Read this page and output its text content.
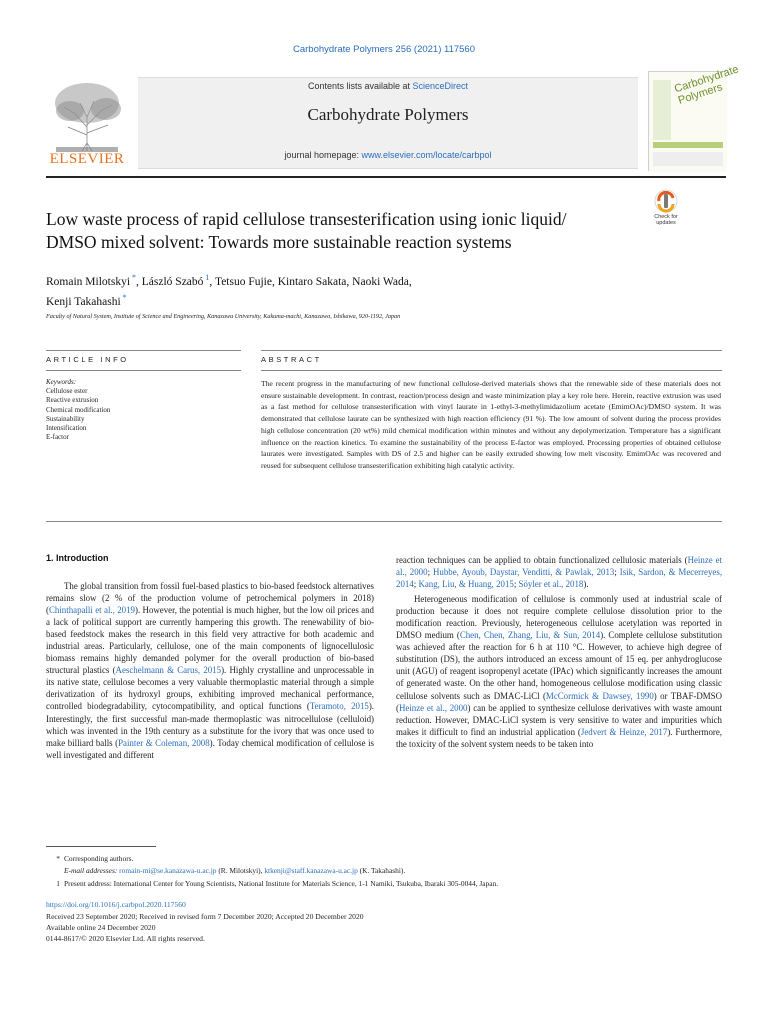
Carbohydrate Polymers 256 (2021) 117560
ELSEVIER
Contents lists available at ScienceDirect
Carbohydrate Polymers
journal homepage: www.elsevier.com/locate/carbpol
Carbohydrate Polymers
Low waste process of rapid cellulose transesterification using ionic liquid/
DMSO mixed solvent: Towards more sustainable reaction systems
Check for updates
Romain Milotskyi *, László Szabó $^1$, Tetsuo Fujie, Kintaro Sakata, Naoki Wada,
Kenji Takahashi *
Faculty of Natural System, Institute of Science and Engineering, Kanazawa University, Kakuma-machi, Kanazawa, Ishikawa, 920-1192, Japan
ARTICLE INFO	ABSTRACT
Keywords:
Cellulose ester
Reactive extrusion
Chemical modification
Sustainability
Intensification
E-factor
The recent progress in the manufacturing of new functional cellulose-derived materials shows that the renewable side of these materials does not ensure sustainable development. In contrast, reaction/process design and waste minimization play a key role here. Herein, reactive extrusion was used as a fast method for cellulose transesterification with vinyl laurate in 1-ethyl-3-methylimidazolium acetate (EmimOAc)/DMSO system. It was demonstrated that cellulose laurate can be synthesized with high reaction efficiency (91 %). The low amount of solvent during the process provides high cellulose concentration (20 wt%) mild chemical modification within minutes and without any depolymerization. Temperature has a significant influence on the reaction kinetics. To examine the sustainability of the process E-factor was employed. Processing properties of obtained cellulose laurates were investigated. Samples with DS of 2.5 and higher can be easily extruded showing low melt viscosity. EmimOAc was recovered and reused for subsequent cellulose transesterification exhibiting high catalytic activity.
1. Introduction

The global transition from fossil fuel-based plastics to bio-based feedstock alternatives remains slow (2 % of the production volume of petrochemical polymers in 2018) (Chinthapalli et al., 2019). However, the potential is much higher, but the low oil prices and a lack of political support are currently hampering this growth. The renewability of bio-based feedstock makes the research in this field very attractive for both academic and industrial areas. Particularly, cellulose, one of the main components of lignocellulosic biomass remains highly demanded polymer for the overall production of bio-based structural plastics (Aeschelmann & Carus, 2015). Highly crystalline and unprocessable in its native state, cellulose becomes a very valuable thermoplastic material through a simple derivatization of its hydroxyl groups, exhibiting improved mechanical performance, controlled biodegradability, cytocompatibility, and optical functions (Teramoto, 2015). Interestingly, the first successful man-made thermoplastic was nitrocellulose (celluloid) which was invented in the 19th century as a substitute for the ivory that was once used to make billiard balls (Painter & Coleman, 2008). Today chemical modification of cellulose is well investigated and different

reaction techniques can be applied to obtain functionalized cellulosic materials (Heinze et al., 2000; Hubbe, Ayoub, Daystar, Venditti, & Pawlak, 2013; Isik, Sardon, & Mecerreyes, 2014; Kang, Liu, & Huang, 2015; Söyler et al., 2018).

Heterogeneous modification of cellulose is commonly used at industrial scale of production because it does not require complete cellulose dissolution prior to the modification reaction. Previously, heterogeneous cellulose acetylation was reported in DMSO medium (Chen, Chen, Zhang, Liu, & Sun, 2014). Complete cellulose substitution was achieved after the reaction for 6 h at 110 °C. However, to achieve high degree of substitution (DS), the authors introduced an excess amount of 15 eq. per anhydroglucose unit (AGU) of reagent isopropenyl acetate (IPAc) which significantly increases the amount of generated waste. On the other hand, homogeneous cellulose modification using classic cellulose solvents such as DMAC-LiCl (McCormick & Dawsey, 1990) or TBAF-DMSO (Heinze et al., 2000) can be applied to synthesize cellulose derivatives with waste amount reduction. However, DMAC-LiCl system is very sensitive to water and impurities which makes it difficult to find an industrial application (Jedvert & Heinze, 2017). Furthermore, the toxicity of the solvent system needs to be taken into

* Corresponding authors.
E-mail addresses: romain-mi@se.kanazawa-u.ac.jp (R. Milotskyi), ktkenji@staff.kanazawa-u.ac.jp (K. Takahashi).
1 Present address: International Center for Young Scientists, National Institute for Materials Science, 1-1 Namiki, Tsukuba, Ibaraki 305-0044, Japan.
https://doi.org/10.1016/j.carbpol.2020.117560
Received 23 September 2020; Received in revised form 7 December 2020; Accepted 20 December 2020
Available online 24 December 2020
0144-8617/© 2020 Elsevier Ltd. All rights reserved.
